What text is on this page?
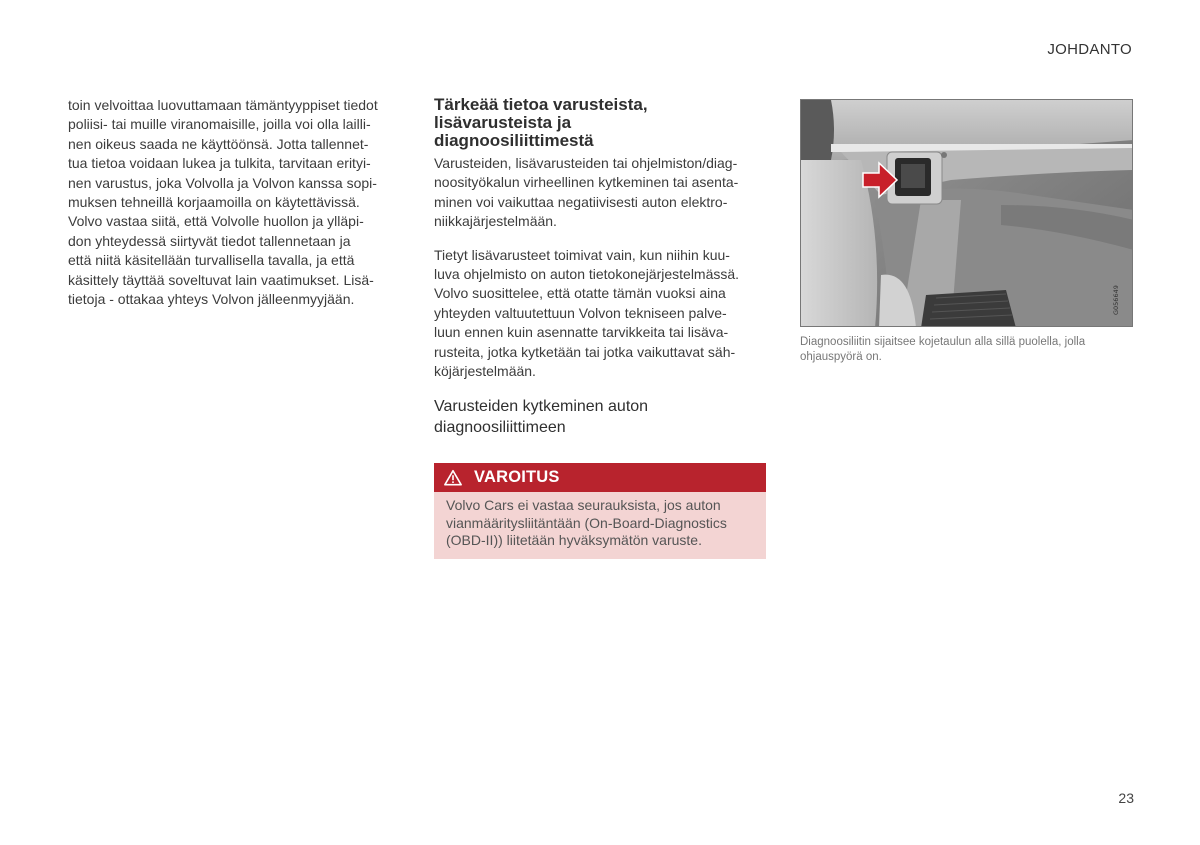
JOHDANTO
toin velvoittaa luovuttamaan tämäntyyppiset tiedot
poliisi- tai muille viranomaisille, joilla voi olla lailli-
nen oikeus saada ne käyttöönsä. Jotta tallennet-
tua tietoa voidaan lukea ja tulkita, tarvitaan erityi-
nen varustus, joka Volvolla ja Volvon kanssa sopi-
muksen tehneillä korjaamoilla on käytettävissä.
Volvo vastaa siitä, että Volvolle huollon ja ylläpi-
don yhteydessä siirtyvät tiedot tallennetaan ja
että niitä käsitellään turvallisella tavalla, ja että
käsittely täyttää soveltuvat lain vaatimukset. Lisä-
tietoja - ottakaa yhteys Volvon jälleenmyyjään.
Tärkeää tietoa varusteista,
lisävarusteista ja
diagnoosiliittimestä

Varusteiden, lisävarusteiden tai ohjelmiston/diag-
noosityökalun virheellinen kytkeminen tai asenta-
minen voi vaikuttaa negatiivisesti auton elektro-
niikkajärjestelmään.

Tietyt lisävarusteet toimivat vain, kun niihin kuu-
luva ohjelmisto on auton tietokonejärjestelmässä.
Volvo suosittelee, että otatte tämän vuoksi aina
yhteyden valtuutettuun Volvon tekniseen palve-
luun ennen kuin asennatte tarvikkeita tai lisäva-
rusteita, jotka kytketään tai jotka vaikuttavat säh-
köjärjestelmään.

Varusteiden kytkeminen auton
diagnoosiliittimeen
VAROITUS
Volvo Cars ei vastaa seurauksista, jos auton
vianmääritysliitäntään (On-Board-Diagnostics
(OBD-II)) liitetään hyväksymätön varuste.
G056649
Diagnoosiliitin sijaitsee kojetaulun alla sillä puolella, jolla
ohjauspyörä on.
23
